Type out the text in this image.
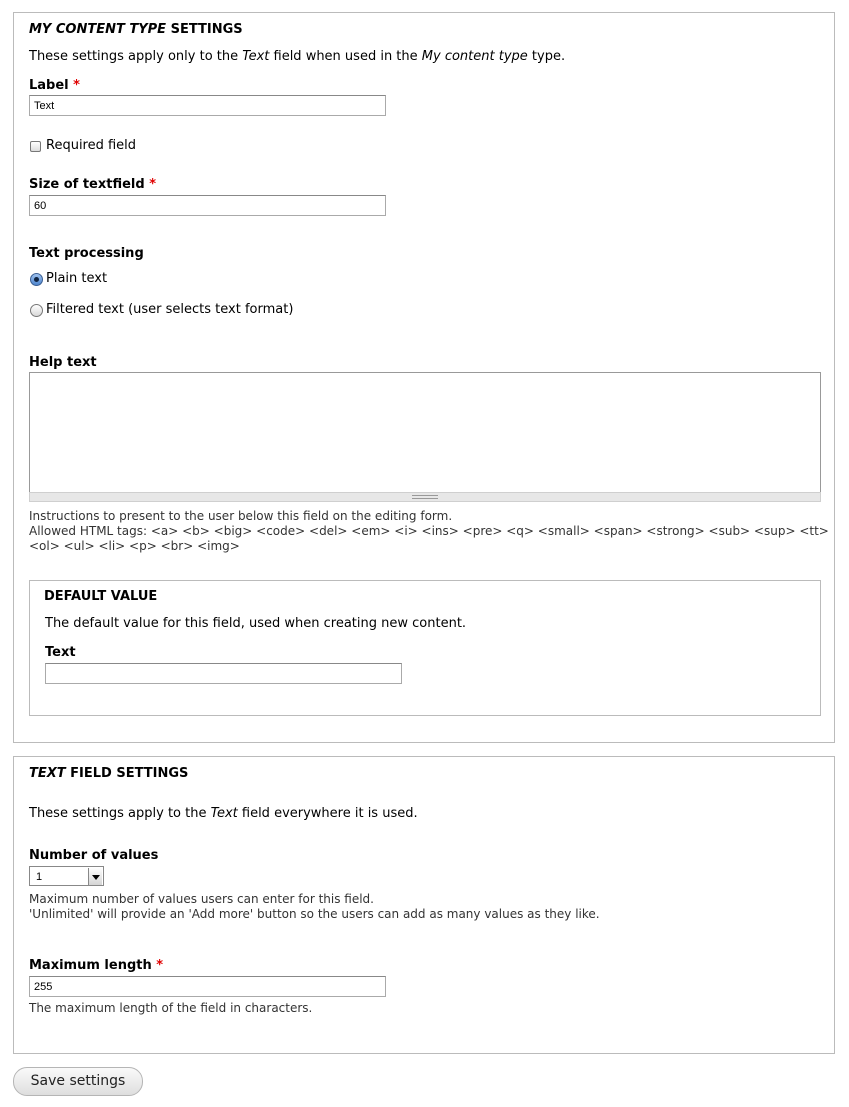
MY CONTENT TYPE SETTINGS
These settings apply only to the Text field when used in the My content type type.
Label *
Text
Required field
Size of textfield *
60
Text processing
Plain text
Filtered text (user selects text format)
Help text
Instructions to present to the user below this field on the editing form.
Allowed HTML tags: <a> <b> <big> <code> <del> <em> <i> <ins> <pre> <q> <small> <span> <strong> <sub> <sup> <tt>
<ol> <ul> <li> <p> <br> <img>
DEFAULT VALUE
The default value for this field, used when creating new content.
Text
TEXT FIELD SETTINGS
These settings apply to the Text field everywhere it is used.
Number of values
1
Maximum number of values users can enter for this field.
'Unlimited' will provide an 'Add more' button so the users can add as many values as they like.
Maximum length *
255
The maximum length of the field in characters.
Save settings
